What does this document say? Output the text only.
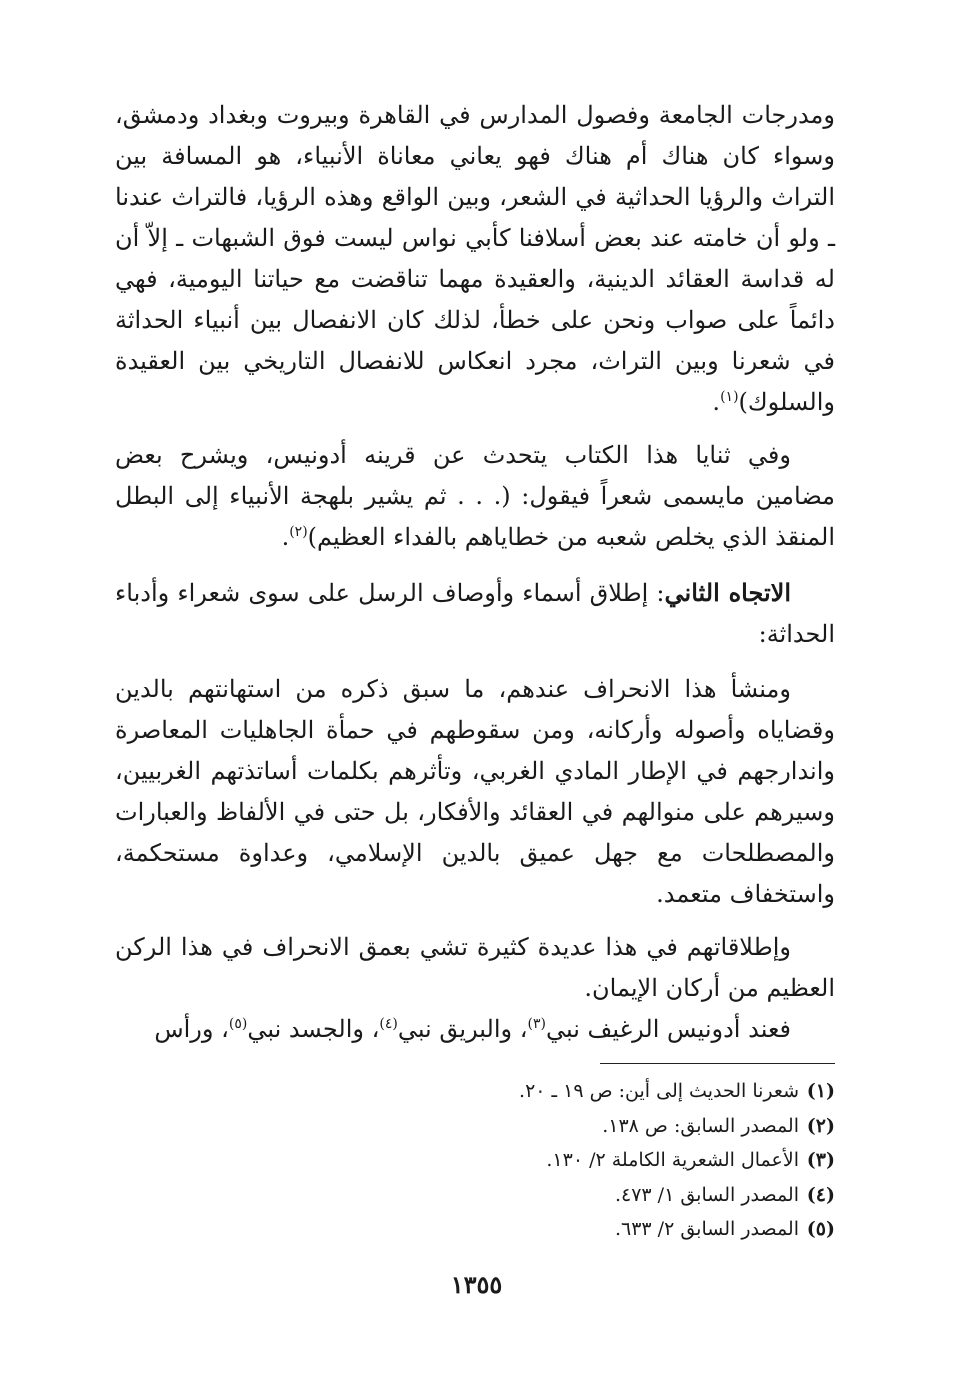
ومدرجات الجامعة وفصول المدارس في القاهرة وبيروت وبغداد ودمشق، وسواء كان هناك أم هناك فهو يعاني معاناة الأنبياء، هو المسافة بين التراث والرؤيا الحداثية في الشعر، وبين الواقع وهذه الرؤيا، فالتراث عندنا ـ ولو أن خامته عند بعض أسلافنا كأبي نواس ليست فوق الشبهات ـ إلاّ أن له قداسة العقائد الدينية، والعقيدة مهما تناقضت مع حياتنا اليومية، فهي دائماً على صواب ونحن على خطأ، لذلك كان الانفصال بين أنبياء الحداثة في شعرنا وبين التراث، مجرد انعكاس للانفصال التاريخي بين العقيدة والسلوك)$^{(١)}$.

وفي ثنايا هذا الكتاب يتحدث عن قرينه أدونيس، ويشرح بعض مضامين مايسمى شعراً فيقول: (. . . ثم يشير بلهجة الأنبياء إلى البطل المنقذ الذي يخلص شعبه من خطاياهم بالفداء العظيم)$^{(٢)}$.

الاتجاه الثاني: إطلاق أسماء وأوصاف الرسل على سوى شعراء وأدباء الحداثة:

ومنشأ هذا الانحراف عندهم، ما سبق ذكره من استهانتهم بالدين وقضاياه وأصوله وأركانه، ومن سقوطهم في حمأة الجاهليات المعاصرة واندارجهم في الإطار المادي الغربي، وتأثرهم بكلمات أساتذتهم الغربيين، وسيرهم على منوالهم في العقائد والأفكار، بل حتى في الألفاظ والعبارات والمصطلحات مع جهل عميق بالدين الإسلامي، وعداوة مستحكمة، واستخفاف متعمد.

وإطلاقاتهم في هذا عديدة كثيرة تشي بعمق الانحراف في هذا الركن العظيم من أركان الإيمان.

فعند أدونيس الرغيف نبي$^{(٣)}$، والبريق نبي$^{(٤)}$، والجسد نبي$^{(٥)}$، ورأس

(١)
شعرنا الحديث إلى أين: ص ١٩ ـ ٢٠.
(٢)
المصدر السابق: ص ١٣٨.
(٣)
الأعمال الشعرية الكاملة ٢/ ١٣٠.
(٤)
المصدر السابق ١/ ٤٧٣.
(٥)
المصدر السابق ٢/ ٦٣٣.
١٣٥٥
